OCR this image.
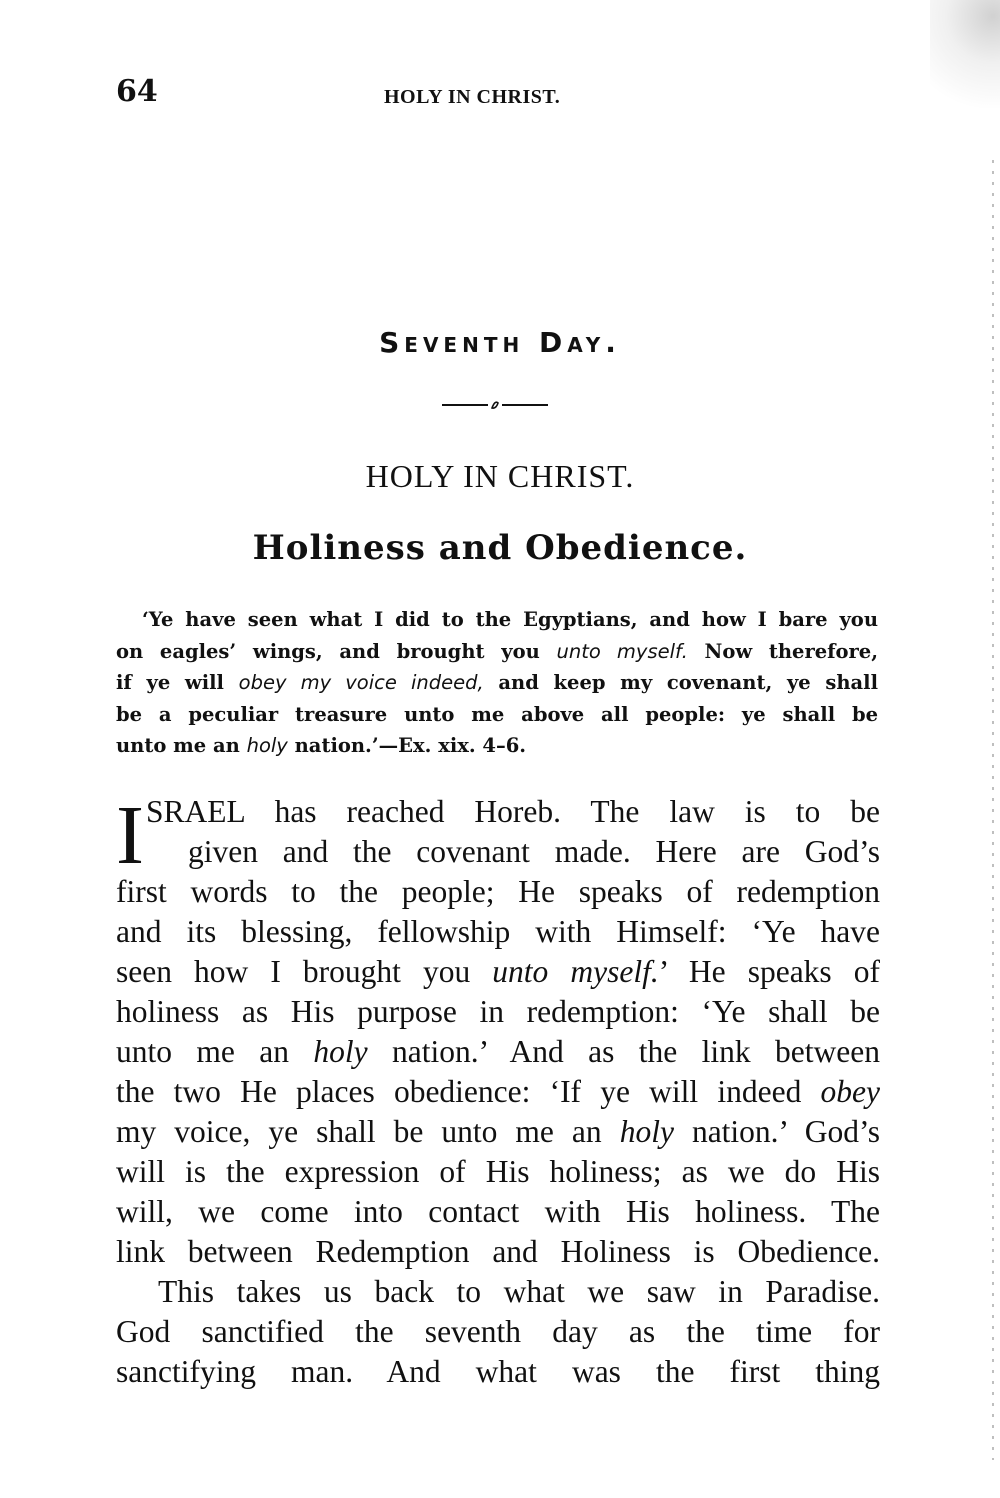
64	HOLY IN CHRIST.
Seventh Day.
HOLY IN CHRIST.
Holiness and Obedience.
‘Ye have seen what I did to the Egyptians, and how I bare you
on eagles’ wings, and brought you unto myself. Now therefore,
if ye will obey my voice indeed, and keep my covenant, ye shall
be a peculiar treasure unto me above all people: ye shall be
unto me an holy nation.’—Ex. xix. 4–6.
I SRAEL has reached Horeb. The law is to be
given and the covenant made. Here are God’s
first words to the people; He speaks of redemption
and its blessing, fellowship with Himself: ‘Ye have
seen how I brought you unto myself.’ He speaks of
holiness as His purpose in redemption: ‘Ye shall be
unto me an holy nation.’ And as the link between
the two He places obedience: ‘If ye will indeed obey
my voice, ye shall be unto me an holy nation.’ God’s
will is the expression of His holiness; as we do His
will, we come into contact with His holiness. The
link between Redemption and Holiness is Obedience.
This takes us back to what we saw in Paradise.
God sanctified the seventh day as the time for
sanctifying man. And what was the first thing
